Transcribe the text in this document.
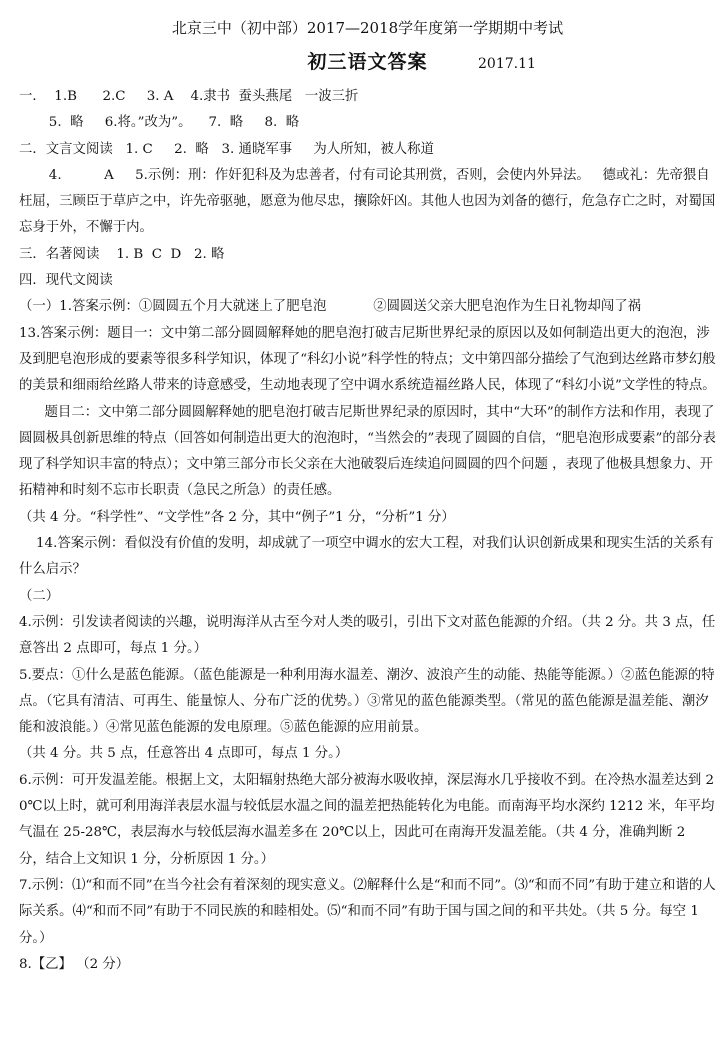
北京三中（初中部）2017—2018学年度第一学期期中考试
初三语文答案	2017.11

一．  1.B      2.C     3. A    4.隶书  蚕头燕尾   一波三折

5.  略     6.将。”改为”。    7.  略     8.  略

二．文言文阅读   1. C     2.  略   3. 通晓军事     为人所知，被人称道

4.          A     5.示例：刑：作奸犯科及为忠善者，付有司论其刑赏，否则，会使内外异法。   德或礼：先帝猥自枉屈，三顾臣于草庐之中，许先帝驱驰，愿意为他尽忠，攘除奸凶。其他人也因为刘备的德行，危急存亡之时，对蜀国忘身于外，不懈于内。

三．名著阅读    1. B  C  D   2. 略

四．现代文阅读

（一）1.答案示例：①圆圆五个月大就迷上了肥皂泡           ②圆圆送父亲大肥皂泡作为生日礼物却闯了祸

13.答案示例：题目一：文中第二部分圆圆解释她的肥皂泡打破吉尼斯世界纪录的原因以及如何制造出更大的泡泡，涉及到肥皂泡形成的要素等很多科学知识，体现了“科幻小说”科学性的特点；文中第四部分描绘了气泡到达丝路市梦幻般的美景和细雨给丝路人带来的诗意感受，生动地表现了空中调水系统造福丝路人民，体现了“科幻小说”文学性的特点。

题目二：文中第二部分圆圆解释她的肥皂泡打破吉尼斯世界纪录的原因时，其中“大环”的制作方法和作用，表现了圆圆极具创新思维的特点（回答如何制造出更大的泡泡时，“当然会的”表现了圆圆的自信，“肥皂泡形成要素”的部分表现了科学知识丰富的特点）；文中第三部分市长父亲在大池破裂后连续追问圆圆的四个问题 ，表现了他极具想象力、开拓精神和时刻不忘市长职责（急民之所急）的责任感。

（共 4 分。“科学性”、“文学性”各 2 分，其中“例子”1 分，“分析”1 分）

14.答案示例：看似没有价值的发明，却成就了一项空中调水的宏大工程，对我们认识创新成果和现实生活的关系有什么启示？

（二）

4.示例：引发读者阅读的兴趣，说明海洋从古至今对人类的吸引，引出下文对蓝色能源的介绍。（共 2 分。共 3 点，任意答出 2 点即可，每点 1 分。）

5.要点：①什么是蓝色能源。（蓝色能源是一种利用海水温差、潮汐、波浪产生的动能、热能等能源。）②蓝色能源的特点。（它具有清洁、可再生、能量惊人、分布广泛的优势。）③常见的蓝色能源类型。（常见的蓝色能源是温差能、潮汐能和波浪能。）④常见蓝色能源的发电原理。⑤蓝色能源的应用前景。

（共 4 分。共 5 点，任意答出 4 点即可，每点 1 分。）

6.示例：可开发温差能。根据上文，太阳辐射热绝大部分被海水吸收掉，深层海水几乎接收不到。在冷热水温差达到 20℃以上时，就可利用海洋表层水温与较低层水温之间的温差把热能转化为电能。而南海平均水深约 1212 米，年平均气温在 25-28℃，表层海水与较低层海水温差多在 20℃以上，因此可在南海开发温差能。（共 4 分，准确判断 2 分，结合上文知识 1 分，分析原因 1 分。）

7.示例：⑴“和而不同”在当今社会有着深刻的现实意义。⑵解释什么是“和而不同”。⑶“和而不同”有助于建立和谐的人际关系。⑷“和而不同”有助于不同民族的和睦相处。⑸“和而不同”有助于国与国之间的和平共处。（共 5 分。每空 1 分。）

8.【乙】 （2 分）
